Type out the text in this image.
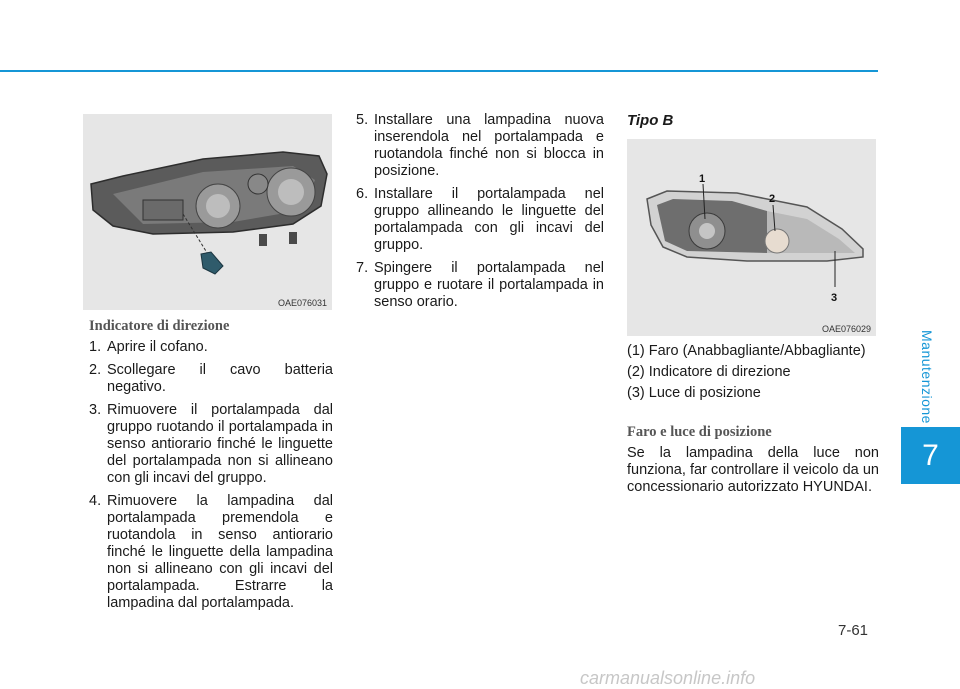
Manutenzione
7
OAE076031
Indicatore di direzione
1. Aprire il cofano.
2. Scollegare il cavo batteria negativo.
3. Rimuovere il portalampada dal gruppo ruotando il portalampada in senso antiorario finché le linguette del portalampada non si allineano con gli incavi del gruppo.
4. Rimuovere la lampadina dal portalampada premendola e ruotandola in senso antiorario finché le linguette della lampadina non si allineano con gli incavi del portalampada. Estrarre la lampadina dal portalampada.
5. Installare una lampadina nuova inserendola nel portalampada e ruotandola finché non si blocca in posizione.
6. Installare il portalampada nel gruppo allineando le linguette del portalampada con gli incavi del gruppo.
7. Spingere il portalampada nel gruppo e ruotare il portalampada in senso orario.
Tipo B
1
2
3
OAE076029
(1) Faro (Anabbagliante/Abbagliante)
(2) Indicatore di direzione
(3) Luce di posizione
Faro e luce di posizione

Se la lampadina della luce non funziona, far controllare il veicolo da un concessionario autorizzato HYUNDAI.

7-61
carmanualsonline.info
